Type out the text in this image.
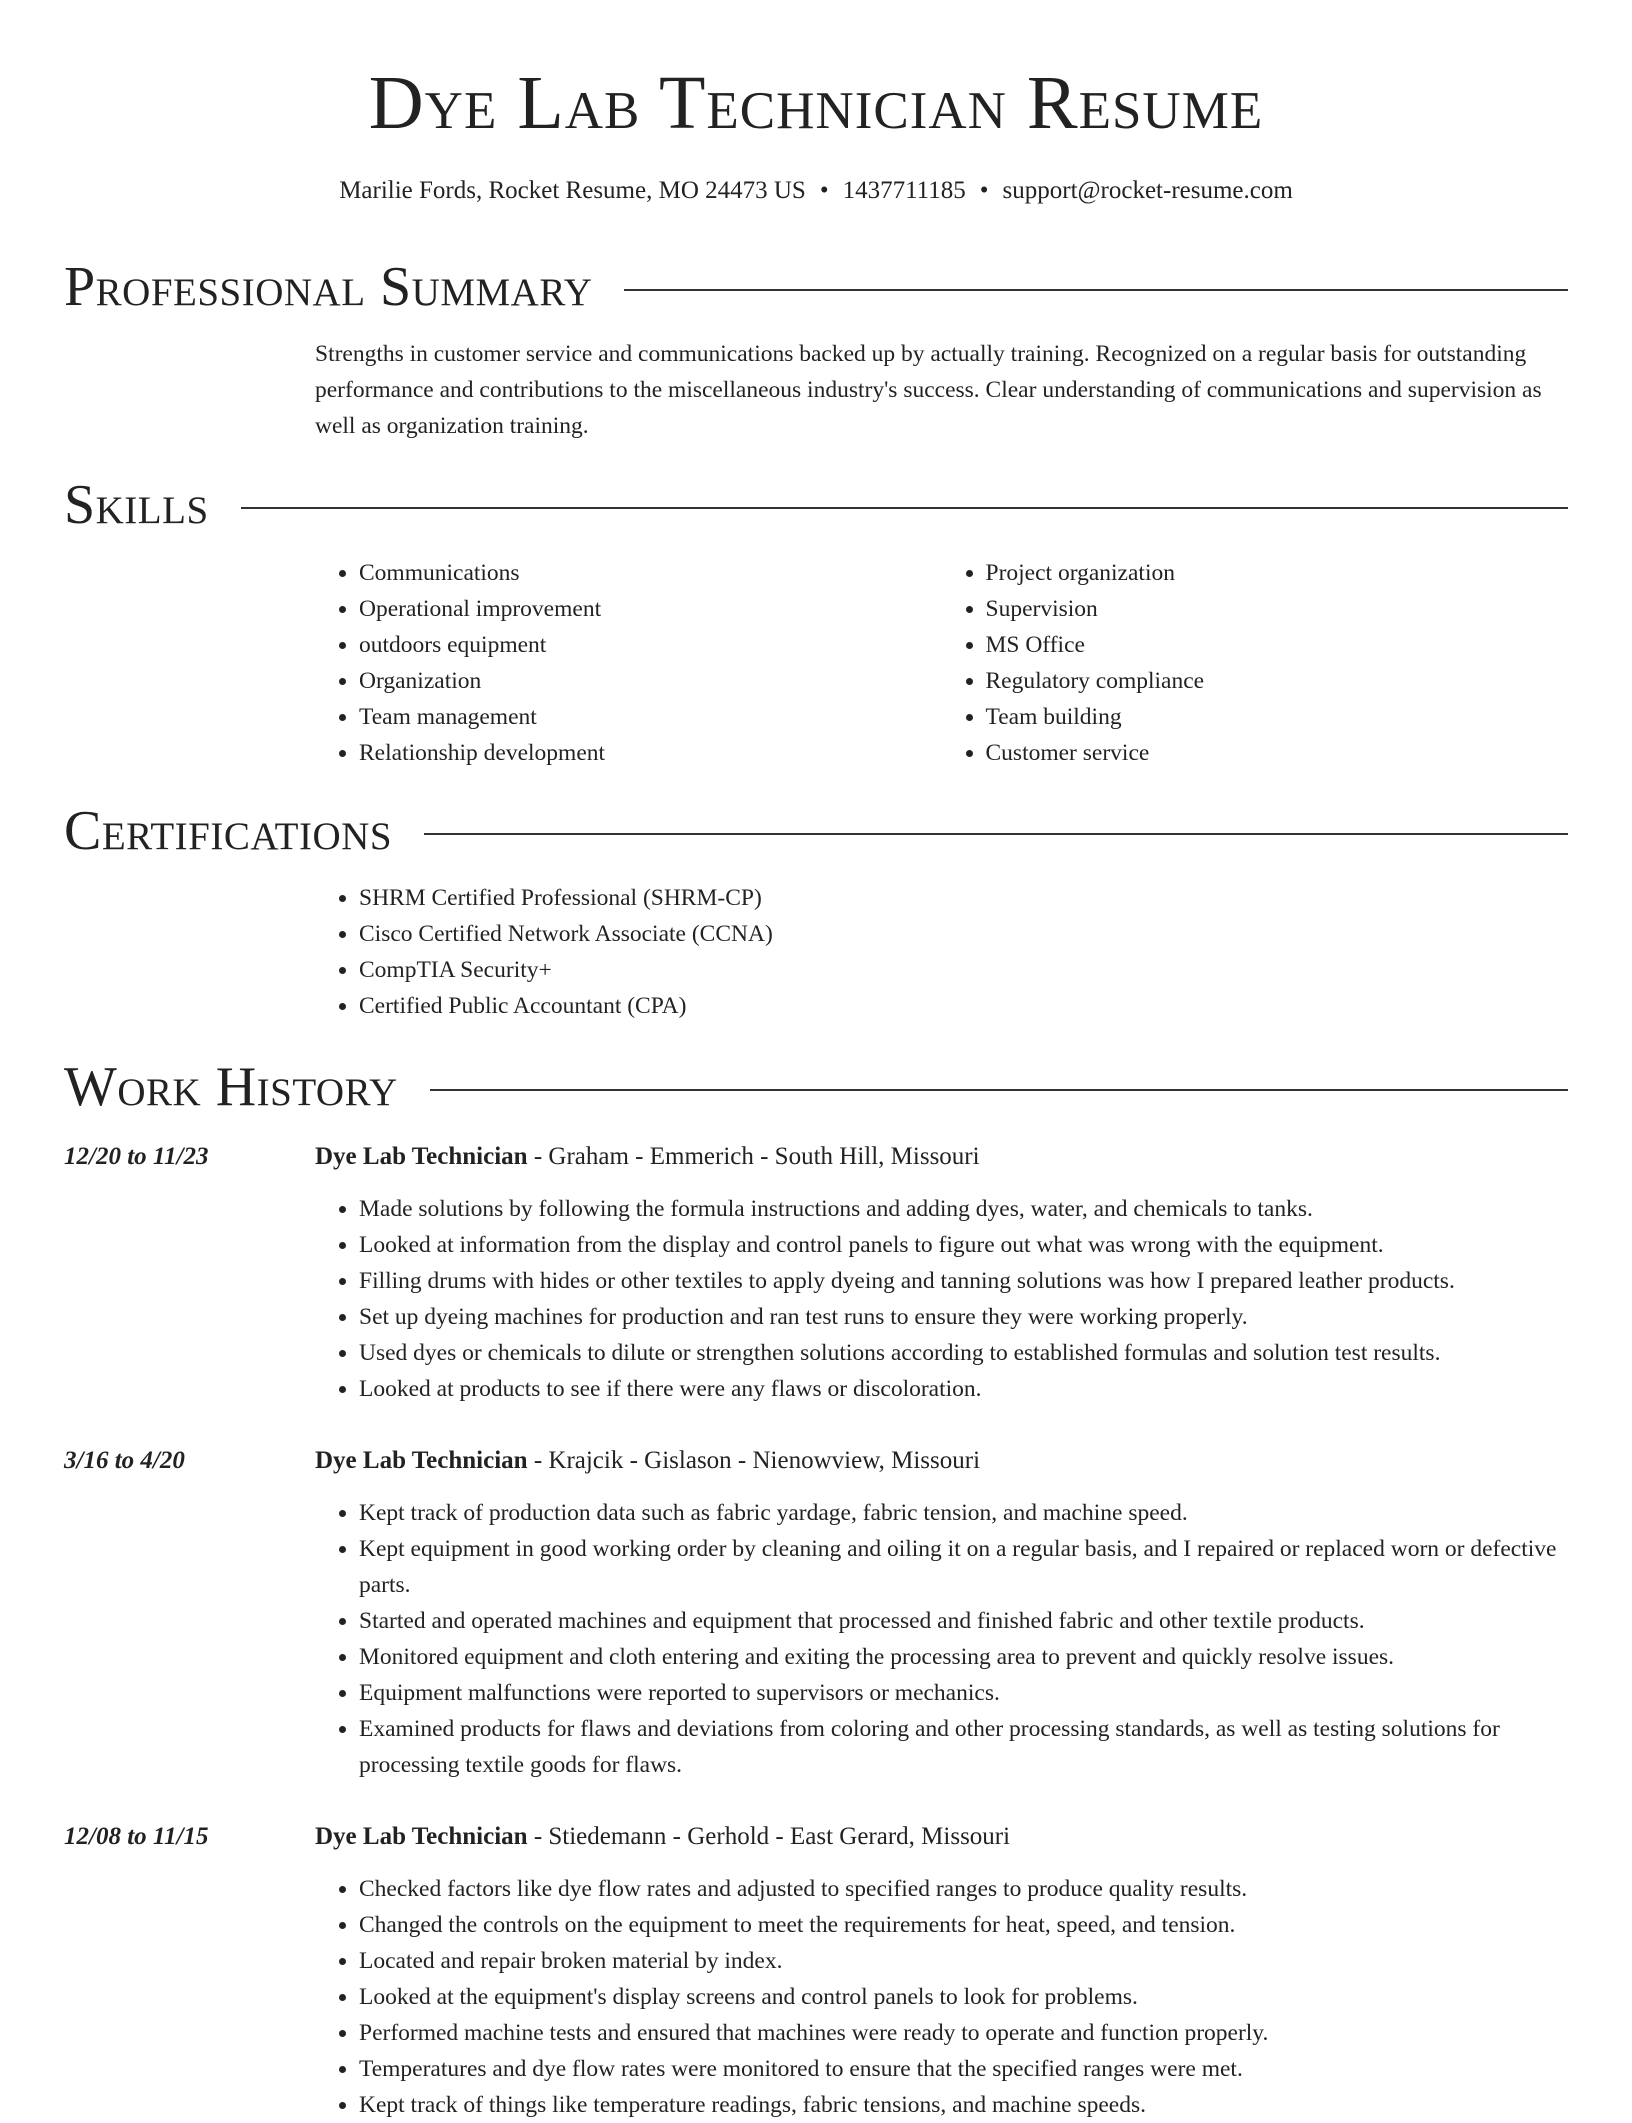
Dye Lab Technician Resume
Marilie Fords, Rocket Resume, MO 24473 US • 1437711185 • support@rocket-resume.com
Professional Summary
Strengths in customer service and communications backed up by actually training. Recognized on a regular basis for outstanding performance and contributions to the miscellaneous industry's success. Clear understanding of communications and supervision as well as organization training.
Skills
• Communications
• Operational improvement
• outdoors equipment
• Organization
• Team management
• Relationship development
• Project organization
• Supervision
• MS Office
• Regulatory compliance
• Team building
• Customer service
Certifications
• SHRM Certified Professional (SHRM-CP)
• Cisco Certified Network Associate (CCNA)
• CompTIA Security+
• Certified Public Accountant (CPA)
Work History
12/20 to 11/23	Dye Lab Technician - Graham - Emmerich - South Hill, Missouri
• Made solutions by following the formula instructions and adding dyes, water, and chemicals to tanks.
• Looked at information from the display and control panels to figure out what was wrong with the equipment.
• Filling drums with hides or other textiles to apply dyeing and tanning solutions was how I prepared leather products.
• Set up dyeing machines for production and ran test runs to ensure they were working properly.
• Used dyes or chemicals to dilute or strengthen solutions according to established formulas and solution test results.
• Looked at products to see if there were any flaws or discoloration.
3/16 to 4/20	Dye Lab Technician - Krajcik - Gislason - Nienowview, Missouri
• Kept track of production data such as fabric yardage, fabric tension, and machine speed.
• Kept equipment in good working order by cleaning and oiling it on a regular basis, and I repaired or replaced worn or defective parts.
• Started and operated machines and equipment that processed and finished fabric and other textile products.
• Monitored equipment and cloth entering and exiting the processing area to prevent and quickly resolve issues.
• Equipment malfunctions were reported to supervisors or mechanics.
• Examined products for flaws and deviations from coloring and other processing standards, as well as testing solutions for processing textile goods for flaws.
12/08 to 11/15	Dye Lab Technician - Stiedemann - Gerhold - East Gerard, Missouri
• Checked factors like dye flow rates and adjusted to specified ranges to produce quality results.
• Changed the controls on the equipment to meet the requirements for heat, speed, and tension.
• Located and repair broken material by index.
• Looked at the equipment's display screens and control panels to look for problems.
• Performed machine tests and ensured that machines were ready to operate and function properly.
• Temperatures and dye flow rates were monitored to ensure that the specified ranges were met.
• Kept track of things like temperature readings, fabric tensions, and machine speeds.
